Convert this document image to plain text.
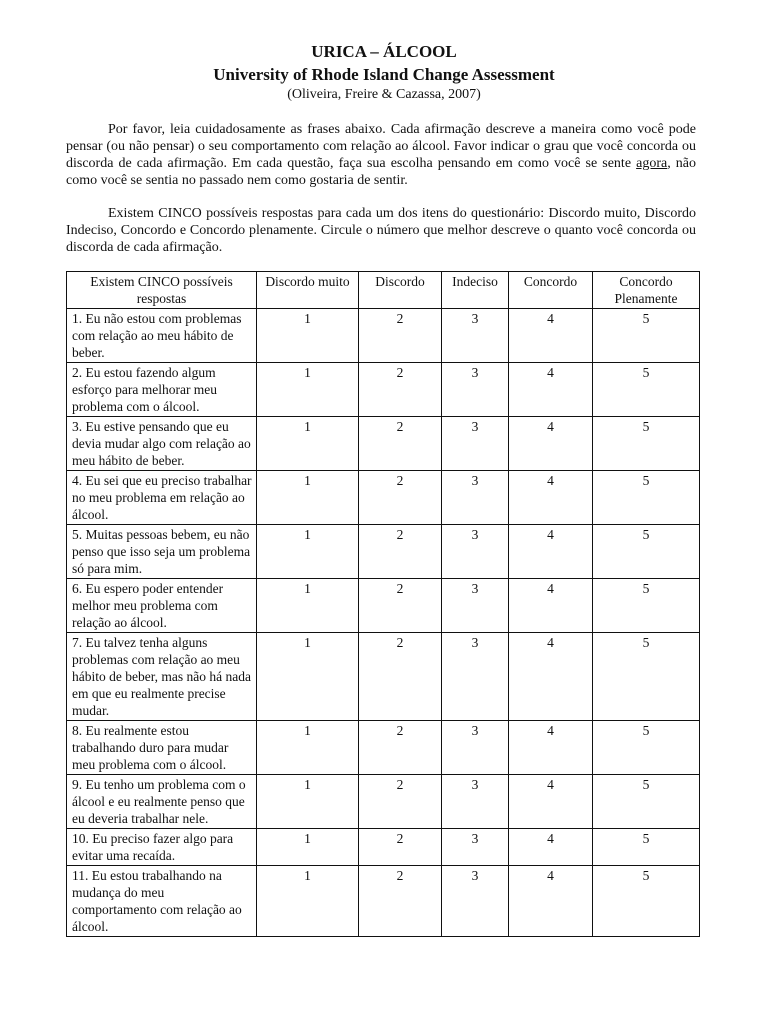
URICA – ÁLCOOL
University of Rhode Island Change Assessment
(Oliveira, Freire & Cazassa, 2007)

Por favor, leia cuidadosamente as frases abaixo. Cada afirmação descreve a maneira como você pode pensar (ou não pensar) o seu comportamento com relação ao álcool. Favor indicar o grau que você concorda ou discorda de cada afirmação. Em cada questão, faça sua escolha pensando em como você se sente agora, não como você se sentia no passado nem como gostaria de sentir.

Existem CINCO possíveis respostas para cada um dos itens do questionário: Discordo muito, Discordo Indeciso, Concordo e Concordo plenamente. Circule o número que melhor descreve o quanto você concorda ou discorda de cada afirmação.

Existem CINCO possíveis respostas	Discordo muito	Discordo	Indeciso	Concordo	Concordo Plenamente
1. Eu não estou com problemas com relação ao meu hábito de beber.	1	2	3	4	5
2. Eu estou fazendo algum esforço para melhorar meu problema com o álcool.	1	2	3	4	5
3. Eu estive pensando que eu devia mudar algo com relação ao meu hábito de beber.	1	2	3	4	5
4. Eu sei que eu preciso trabalhar no meu problema em relação ao álcool.	1	2	3	4	5
5. Muitas pessoas bebem, eu não penso que isso seja um problema só para mim.	1	2	3	4	5
6. Eu espero poder entender melhor meu problema com relação ao álcool.	1	2	3	4	5
7. Eu talvez tenha alguns problemas com relação ao meu hábito de beber, mas não há nada em que eu realmente precise mudar.	1	2	3	4	5
8. Eu realmente estou trabalhando duro para mudar meu problema com o álcool.	1	2	3	4	5
9. Eu tenho um problema com o álcool e eu realmente penso que eu deveria trabalhar nele.	1	2	3	4	5
10. Eu preciso fazer algo para evitar uma recaída.	1	2	3	4	5
11. Eu estou trabalhando na mudança do meu comportamento com relação ao álcool.	1	2	3	4	5
